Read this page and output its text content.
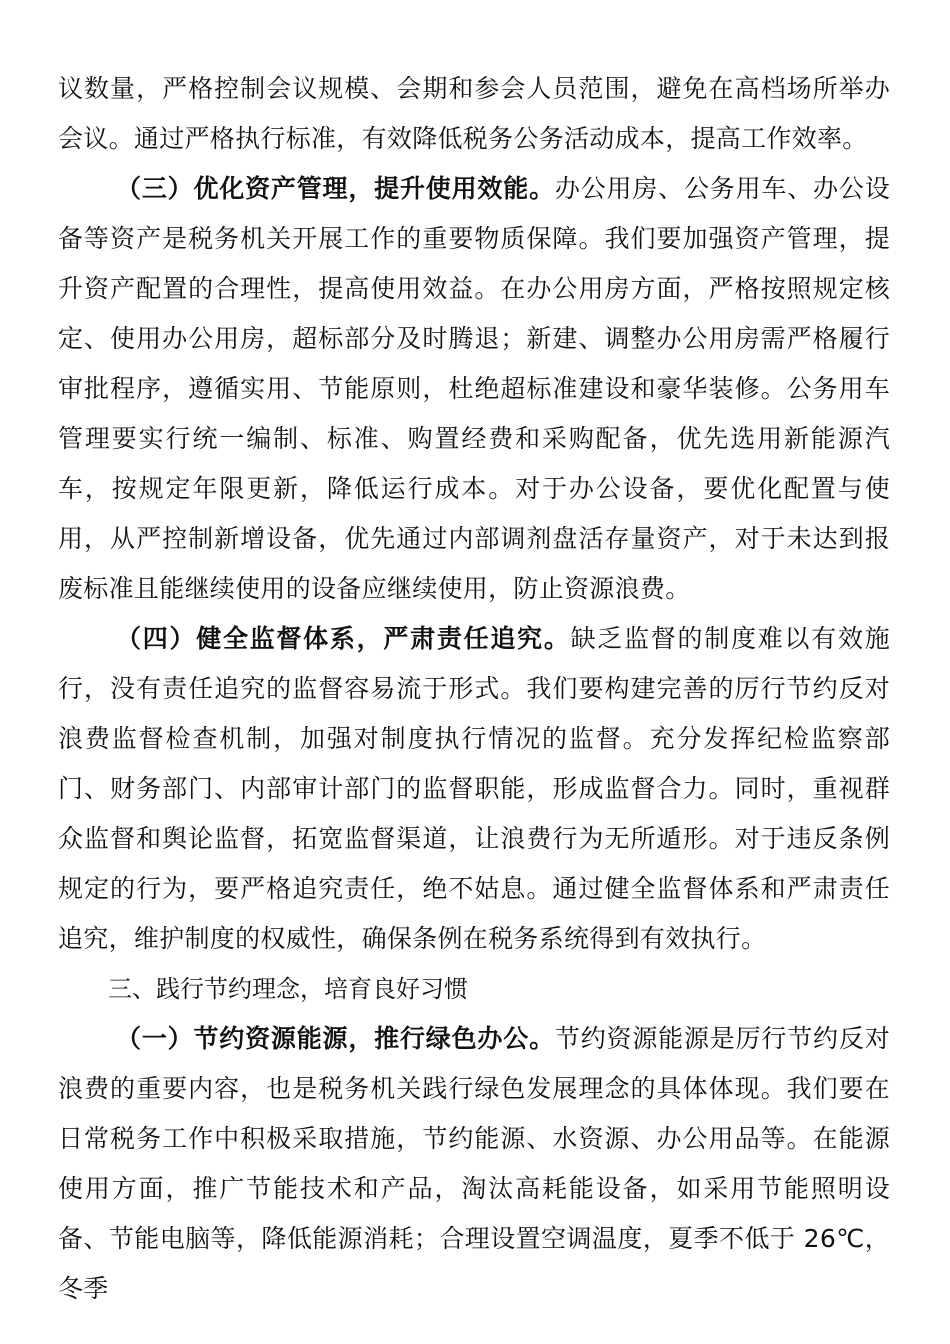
议数量，严格控制会议规模、会期和参会人员范围，避免在高档场所举办会议。通过严格执行标准，有效降低税务公务活动成本，提高工作效率。

（三）优化资产管理，提升使用效能。办公用房、公务用车、办公设备等资产是税务机关开展工作的重要物质保障。我们要加强资产管理，提升资产配置的合理性，提高使用效益。在办公用房方面，严格按照规定核定、使用办公用房，超标部分及时腾退；新建、调整办公用房需严格履行审批程序，遵循实用、节能原则，杜绝超标准建设和豪华装修。公务用车管理要实行统一编制、标准、购置经费和采购配备，优先选用新能源汽车，按规定年限更新，降低运行成本。对于办公设备，要优化配置与使用，从严控制新增设备，优先通过内部调剂盘活存量资产，对于未达到报废标准且能继续使用的设备应继续使用，防止资源浪费。

（四）健全监督体系，严肃责任追究。缺乏监督的制度难以有效施行，没有责任追究的监督容易流于形式。我们要构建完善的厉行节约反对浪费监督检查机制，加强对制度执行情况的监督。充分发挥纪检监察部门、财务部门、内部审计部门的监督职能，形成监督合力。同时，重视群众监督和舆论监督，拓宽监督渠道，让浪费行为无所遁形。对于违反条例规定的行为，要严格追究责任，绝不姑息。通过健全监督体系和严肃责任追究，维护制度的权威性，确保条例在税务系统得到有效执行。

三、践行节约理念，培育良好习惯

（一）节约资源能源，推行绿色办公。节约资源能源是厉行节约反对浪费的重要内容，也是税务机关践行绿色发展理念的具体体现。我们要在日常税务工作中积极采取措施，节约能源、水资源、办公用品等。在能源使用方面，推广节能技术和产品，淘汰高耗能设备，如采用节能照明设备、节能电脑等，降低能源消耗；合理设置空调温度，夏季不低于 26℃，冬季
